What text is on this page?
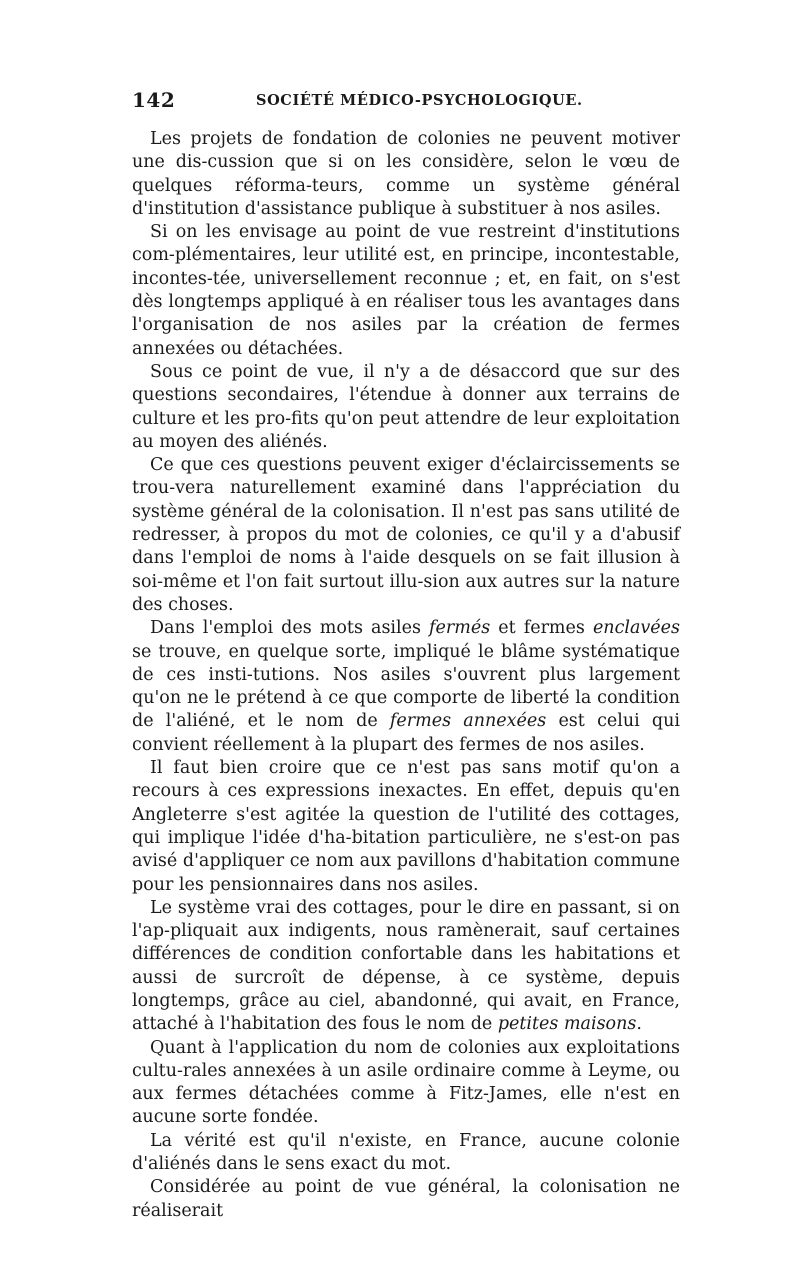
142	SOCIÉTÉ MÉDICO-PSYCHOLOGIQUE.

Les projets de fondation de colonies ne peuvent motiver une dis-cussion que si on les considère, selon le vœu de quelques réforma-teurs, comme un système général d'institution d'assistance publique à substituer à nos asiles.

Si on les envisage au point de vue restreint d'institutions com-plémentaires, leur utilité est, en principe, incontestable, incontes-tée, universellement reconnue ; et, en fait, on s'est dès longtemps appliqué à en réaliser tous les avantages dans l'organisation de nos asiles par la création de fermes annexées ou détachées.

Sous ce point de vue, il n'y a de désaccord que sur des questions secondaires, l'étendue à donner aux terrains de culture et les pro-fits qu'on peut attendre de leur exploitation au moyen des aliénés.

Ce que ces questions peuvent exiger d'éclaircissements se trou-vera naturellement examiné dans l'appréciation du système général de la colonisation. Il n'est pas sans utilité de redresser, à propos du mot de colonies, ce qu'il y a d'abusif dans l'emploi de noms à l'aide desquels on se fait illusion à soi-même et l'on fait surtout illu-sion aux autres sur la nature des choses.

Dans l'emploi des mots asiles fermés et fermes enclavées se trouve, en quelque sorte, impliqué le blâme systématique de ces insti-tutions. Nos asiles s'ouvrent plus largement qu'on ne le prétend à ce que comporte de liberté la condition de l'aliéné, et le nom de fermes annexées est celui qui convient réellement à la plupart des fermes de nos asiles.

Il faut bien croire que ce n'est pas sans motif qu'on a recours à ces expressions inexactes. En effet, depuis qu'en Angleterre s'est agitée la question de l'utilité des cottages, qui implique l'idée d'ha-bitation particulière, ne s'est-on pas avisé d'appliquer ce nom aux pavillons d'habitation commune pour les pensionnaires dans nos asiles.

Le système vrai des cottages, pour le dire en passant, si on l'ap-pliquait aux indigents, nous ramènerait, sauf certaines différences de condition confortable dans les habitations et aussi de surcroît de dépense, à ce système, depuis longtemps, grâce au ciel, abandonné, qui avait, en France, attaché à l'habitation des fous le nom de petites maisons.

Quant à l'application du nom de colonies aux exploitations cultu-rales annexées à un asile ordinaire comme à Leyme, ou aux fermes détachées comme à Fitz-James, elle n'est en aucune sorte fondée.

La vérité est qu'il n'existe, en France, aucune colonie d'aliénés dans le sens exact du mot.

Considérée au point de vue général, la colonisation ne réaliserait
